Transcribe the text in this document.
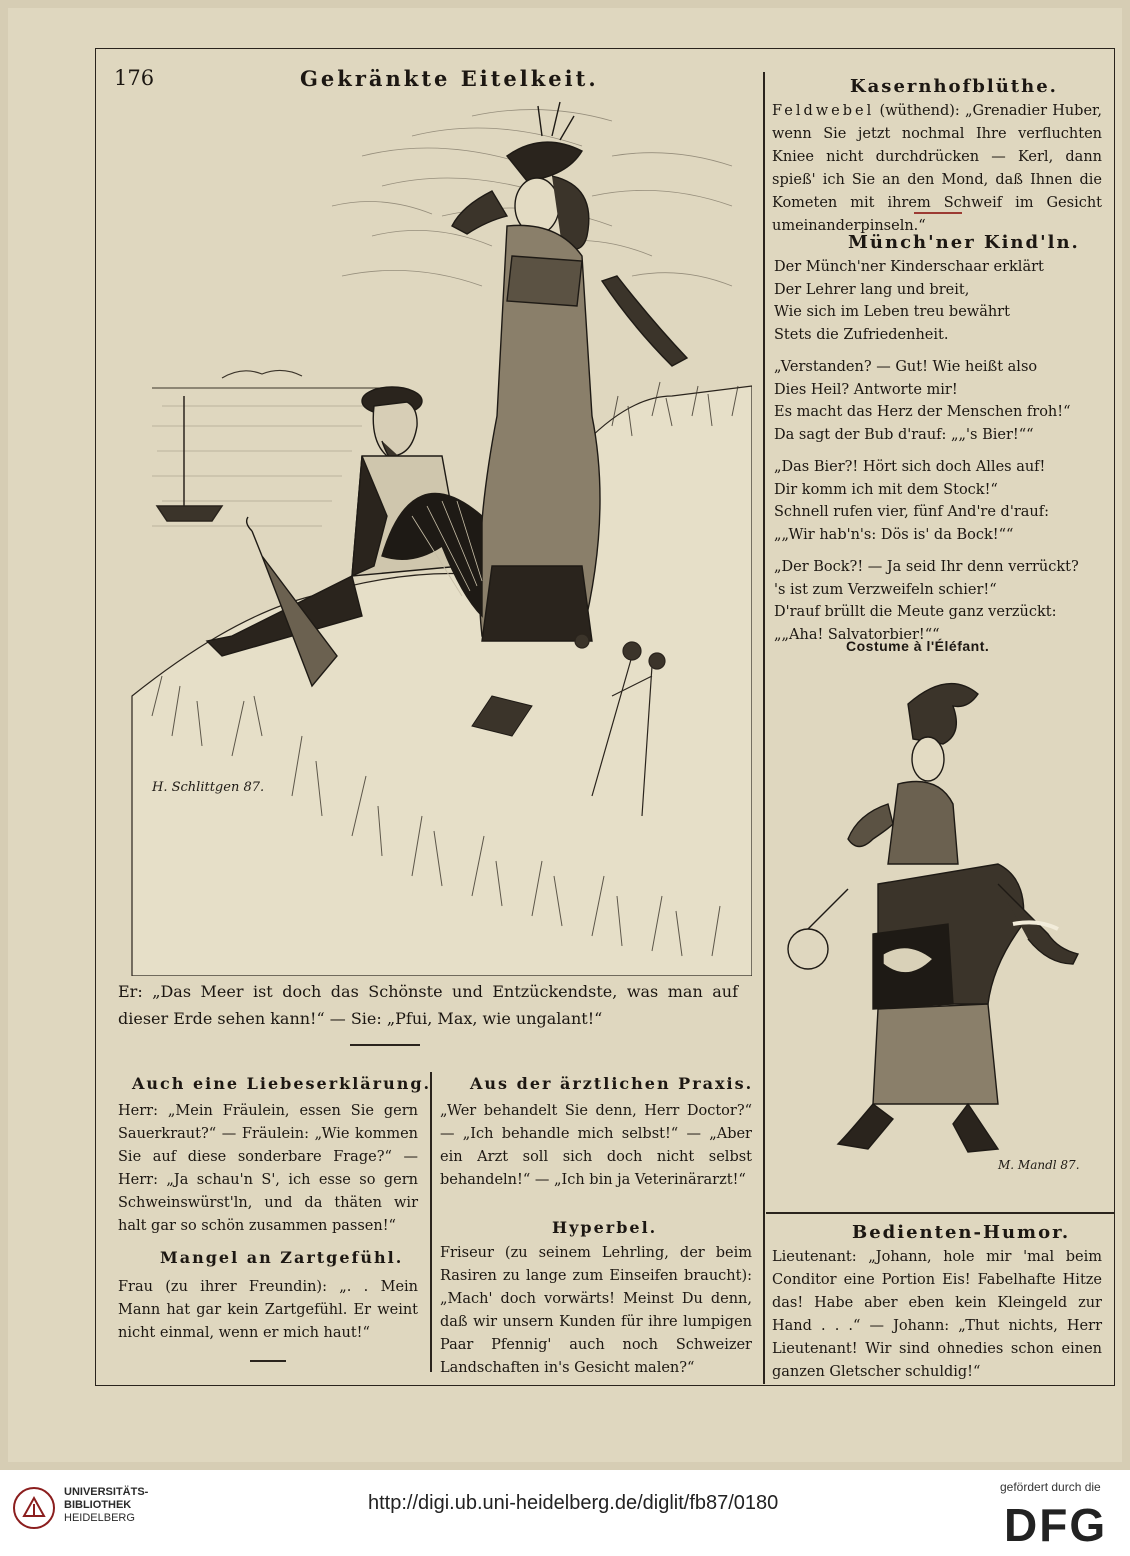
176	Gekränkte Eitelkeit.
H. Schlittgen 87.
Er: „Das Meer ist doch das Schönste und Entzückendste, was man auf dieser Erde sehen kann!“ — Sie: „Pfui, Max, wie ungalant!“
Kasernhofblüthe.
Feldwebel (wüthend): „Grenadier Huber, wenn Sie jetzt nochmal Ihre verfluchten Kniee nicht durchdrücken — Kerl, dann spieß' ich Sie an den Mond, daß Ihnen die Kometen mit ihrem Schweif im Gesicht umeinanderpinseln.“
Münch'ner Kind'ln.
Der Münch'ner Kinderschaar erklärt
Der Lehrer lang und breit,
Wie sich im Leben treu bewährt
Stets die Zufriedenheit.
„Verstanden? — Gut! Wie heißt also
Dies Heil? Antworte mir!
Es macht das Herz der Menschen froh!“
Da sagt der Bub d'rauf: „„'s Bier!““
„Das Bier?! Hört sich doch Alles auf!
Dir komm ich mit dem Stock!“
Schnell rufen vier, fünf And're d'rauf:
„„Wir hab'n's: Dös is' da Bock!““
„Der Bock?! — Ja seid Ihr denn verrückt?
's ist zum Verzweifeln schier!“
D'rauf brüllt die Meute ganz verzückt:
„„Aha! Salvatorbier!““
Costume à l'Éléfant.
M. Mandl 87.
Bedienten-Humor.
Lieutenant: „Johann, hole mir 'mal beim Conditor eine Portion Eis! Fabelhafte Hitze das! Habe aber eben kein Kleingeld zur Hand . . .“ — Johann: „Thut nichts, Herr Lieutenant! Wir sind ohnedies schon einen ganzen Gletscher schuldig!“
Auch eine Liebeserklärung.
Herr: „Mein Fräulein, essen Sie gern Sauerkraut?“ — Fräulein: „Wie kommen Sie auf diese sonderbare Frage?“ — Herr: „Ja schau'n S', ich esse so gern Schweinswürst'ln, und da thäten wir halt gar so schön zusammen passen!“
Mangel an Zartgefühl.
Frau (zu ihrer Freundin): „. . Mein Mann hat gar kein Zartgefühl. Er weint nicht einmal, wenn er mich haut!“
Aus der ärztlichen Praxis.
„Wer behandelt Sie denn, Herr Doctor?“ — „Ich behandle mich selbst!“ — „Aber ein Arzt soll sich doch nicht selbst behandeln!“ — „Ich bin ja Veterinärarzt!“
Hyperbel.
Friseur (zu seinem Lehrling, der beim Rasiren zu lange zum Einseifen braucht): „Mach' doch vorwärts! Meinst Du denn, daß wir unsern Kunden für ihre lumpigen Paar Pfennig' auch noch Schweizer Landschaften in's Gesicht malen?“
UNIVERSITÄTS-
BIBLIOTHEK
HEIDELBERG
http://digi.ub.uni-heidelberg.de/diglit/fb87/0180
gefördert durch die
DFG
